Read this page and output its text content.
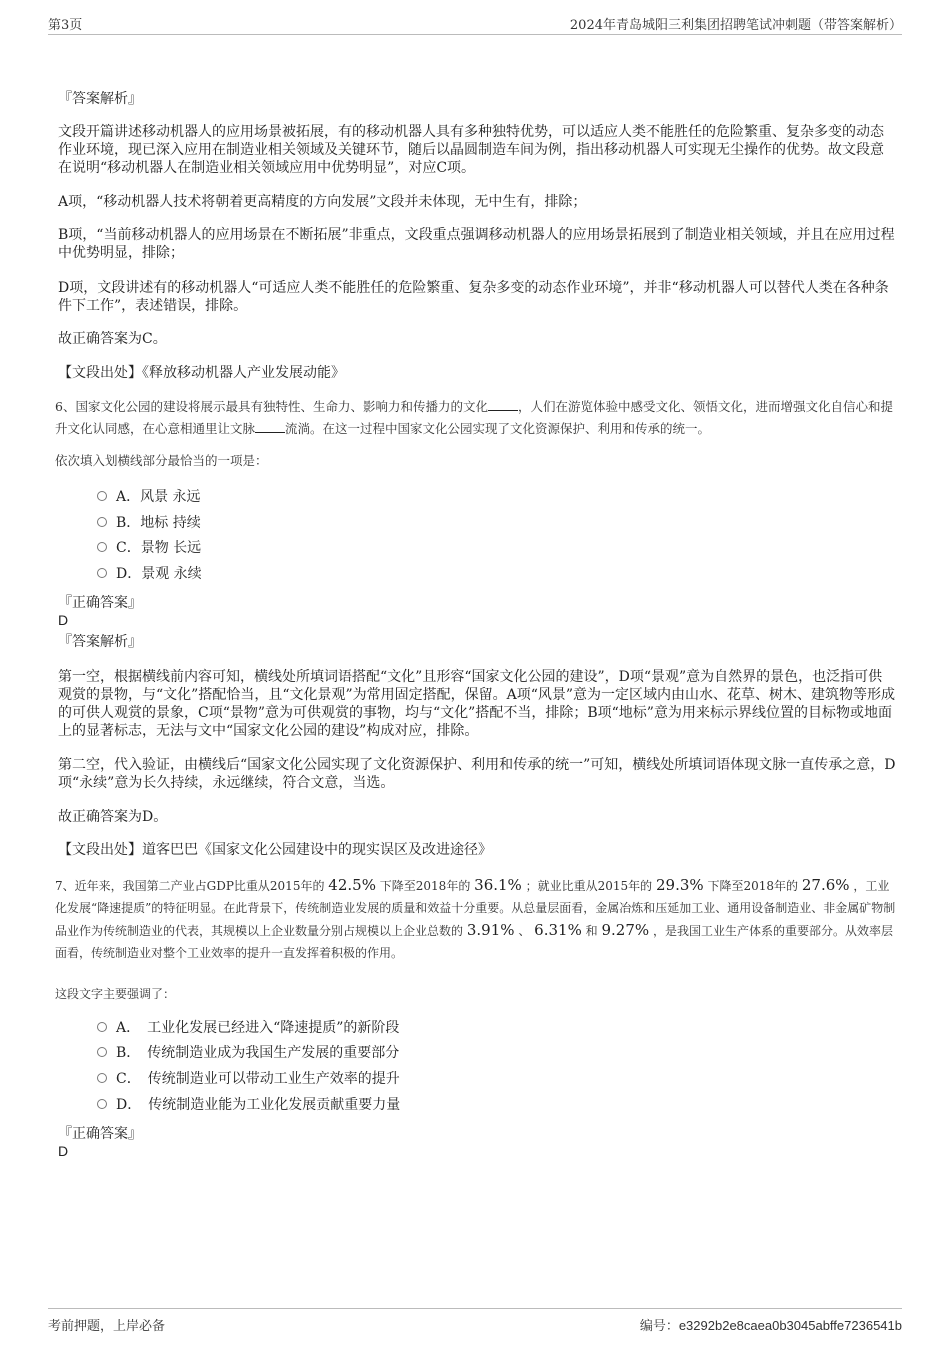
第3页	2024年青岛城阳三利集团招聘笔试冲刺题（带答案解析）
『答案解析』
文段开篇讲述移动机器人的应用场景被拓展，有的移动机器人具有多种独特优势，可以适应人类不能胜任的危险繁重、复杂多变的动态作业环境，现已深入应用在制造业相关领域及关键环节，随后以晶圆制造车间为例，指出移动机器人可实现无尘操作的优势。故文段意在说明“移动机器人在制造业相关领域应用中优势明显”，对应C项。
A项，“移动机器人技术将朝着更高精度的方向发展”文段并未体现，无中生有，排除；
B项，“当前移动机器人的应用场景在不断拓展”非重点，文段重点强调移动机器人的应用场景拓展到了制造业相关领域，并且在应用过程中优势明显，排除；
D项，文段讲述有的移动机器人“可适应人类不能胜任的危险繁重、复杂多变的动态作业环境”，并非“移动机器人可以替代人类在各种条件下工作”，表述错误，排除。
故正确答案为C。
【文段出处】《释放移动机器人产业发展动能》
6、国家文化公园的建设将展示最具有独特性、生命力、影响力和传播力的文化 ，人们在游览体验中感受文化、领悟文化，进而增强文化自信心和提升文化认同感，在心意相通里让文脉 流淌。在这一过程中国家文化公园实现了文化资源保护、利用和传承的统一。
依次填入划横线部分最恰当的一项是：
A．风景 永远
B．地标 持续
C．景物 长远
D．景观 永续
『正确答案』
D
『答案解析』
第一空，根据横线前内容可知，横线处所填词语搭配“文化”且形容“国家文化公园的建设”，D项“景观”意为自然界的景色，也泛指可供观赏的景物，与“文化”搭配恰当，且“文化景观”为常用固定搭配，保留。A项“风景”意为一定区域内由山水、花草、树木、建筑物等形成的可供人观赏的景象，C项“景物”意为可供观赏的事物，均与“文化”搭配不当，排除；B项“地标”意为用来标示界线位置的目标物或地面上的显著标志，无法与文中“国家文化公园的建设”构成对应，排除。
第二空，代入验证，由横线后“国家文化公园实现了文化资源保护、利用和传承的统一”可知，横线处所填词语体现文脉一直传承之意，D项“永续”意为长久持续，永远继续，符合文意，当选。
故正确答案为D。
【文段出处】道客巴巴《国家文化公园建设中的现实误区及改进途径》
7、近年来，我国第二产业占GDP比重从2015年的 42.5% 下降至2018年的 36.1% ；就业比重从2015年的 29.3% 下降至2018年的 27.6% ，工业化发展“降速提质”的特征明显。在此背景下，传统制造业发展的质量和效益十分重要。从总量层面看，金属冶炼和压延加工业、通用设备制造业、非金属矿物制品业作为传统制造业的代表，其规模以上企业数量分别占规模以上企业总数的 3.91% 、 6.31% 和 9.27% ，是我国工业生产体系的重要部分。从效率层面看，传统制造业对整个工业效率的提升一直发挥着积极的作用。
这段文字主要强调了：
A．　工业化发展已经进入“降速提质”的新阶段
B．　传统制造业成为我国生产发展的重要部分
C．　传统制造业可以带动工业生产效率的提升
D．　传统制造业能为工业化发展贡献重要力量
『正确答案』
D
考前押题，上岸必备	编号：e3292b2e8caea0b3045abffe7236541b
